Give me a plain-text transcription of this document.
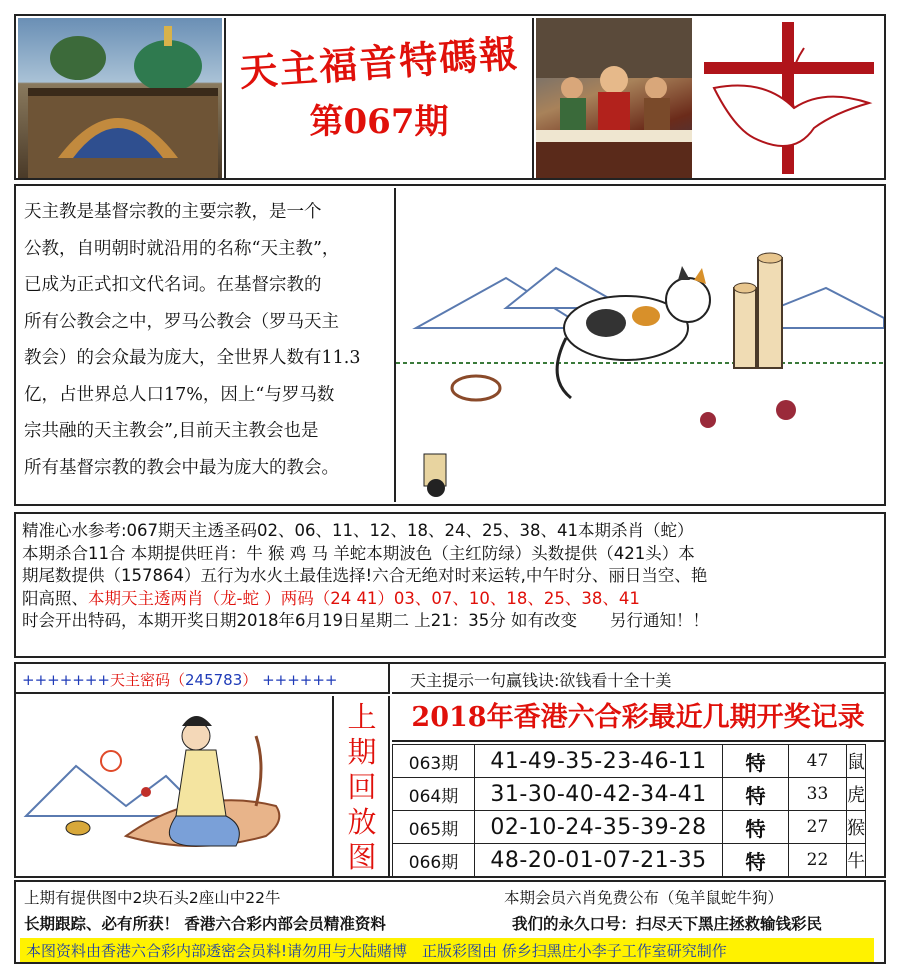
天主福音特碼報
第067期
天主教是基督宗教的主要宗教，是一个
公教，自明朝时就沿用的名称“天主教”，
已成为正式扣文代名词。在基督宗教的
所有公教会之中，罗马公教会（罗马天主
教会）的会众最为庞大，全世界人数有11.3
亿，占世界总人口17%，因上“与罗马数
宗共融的天主教会”,目前天主教会也是
所有基督宗教的教会中最为庞大的教会。
精准心水参考:067期天主透圣码02、06、11、12、18、24、25、38、41本期杀肖（蛇）
本期杀合11合 本期提供旺肖：牛 猴 鸡 马 羊蛇本期波色（主红防绿）头数提供（421头）本
期尾数提供（157864）五行为水火土最佳选择!六合无绝对时来运转,中午时分、丽日当空、艳
阳高照、本期天主透两肖（龙-蛇 ）两码（24 41）03、07、10、18、25、38、41
时会开出特码，本期开奖日期2018年6月19日星期二 上21：35分 如有改变　　另行通知！！
+++++++天主密码（245783） ++++++	天主提示一句赢钱诀:欲钱看十全十美
上
期
回
放
图
2018年香港六合彩最近几期开奖记录
063期	41-49-35-23-46-11	特	47	鼠
064期	31-30-40-42-34-41	特	33	虎
065期	02-10-24-35-39-28	特	27	猴
066期	48-20-01-07-21-35	特	22	牛
上期有提供图中2块石头2座山中22牛	本期会员六肖免费公布（兔羊鼠蛇牛狗）
长期跟踪、必有所获！ 香港六合彩内部会员精准资料	我们的永久口号：扫尽天下黑庄拯救输钱彩民
本图资料由香港六合彩内部透密会员料!请勿用与大陆赌博　正版彩图由 侨乡扫黑庄小李子工作室研究制作
